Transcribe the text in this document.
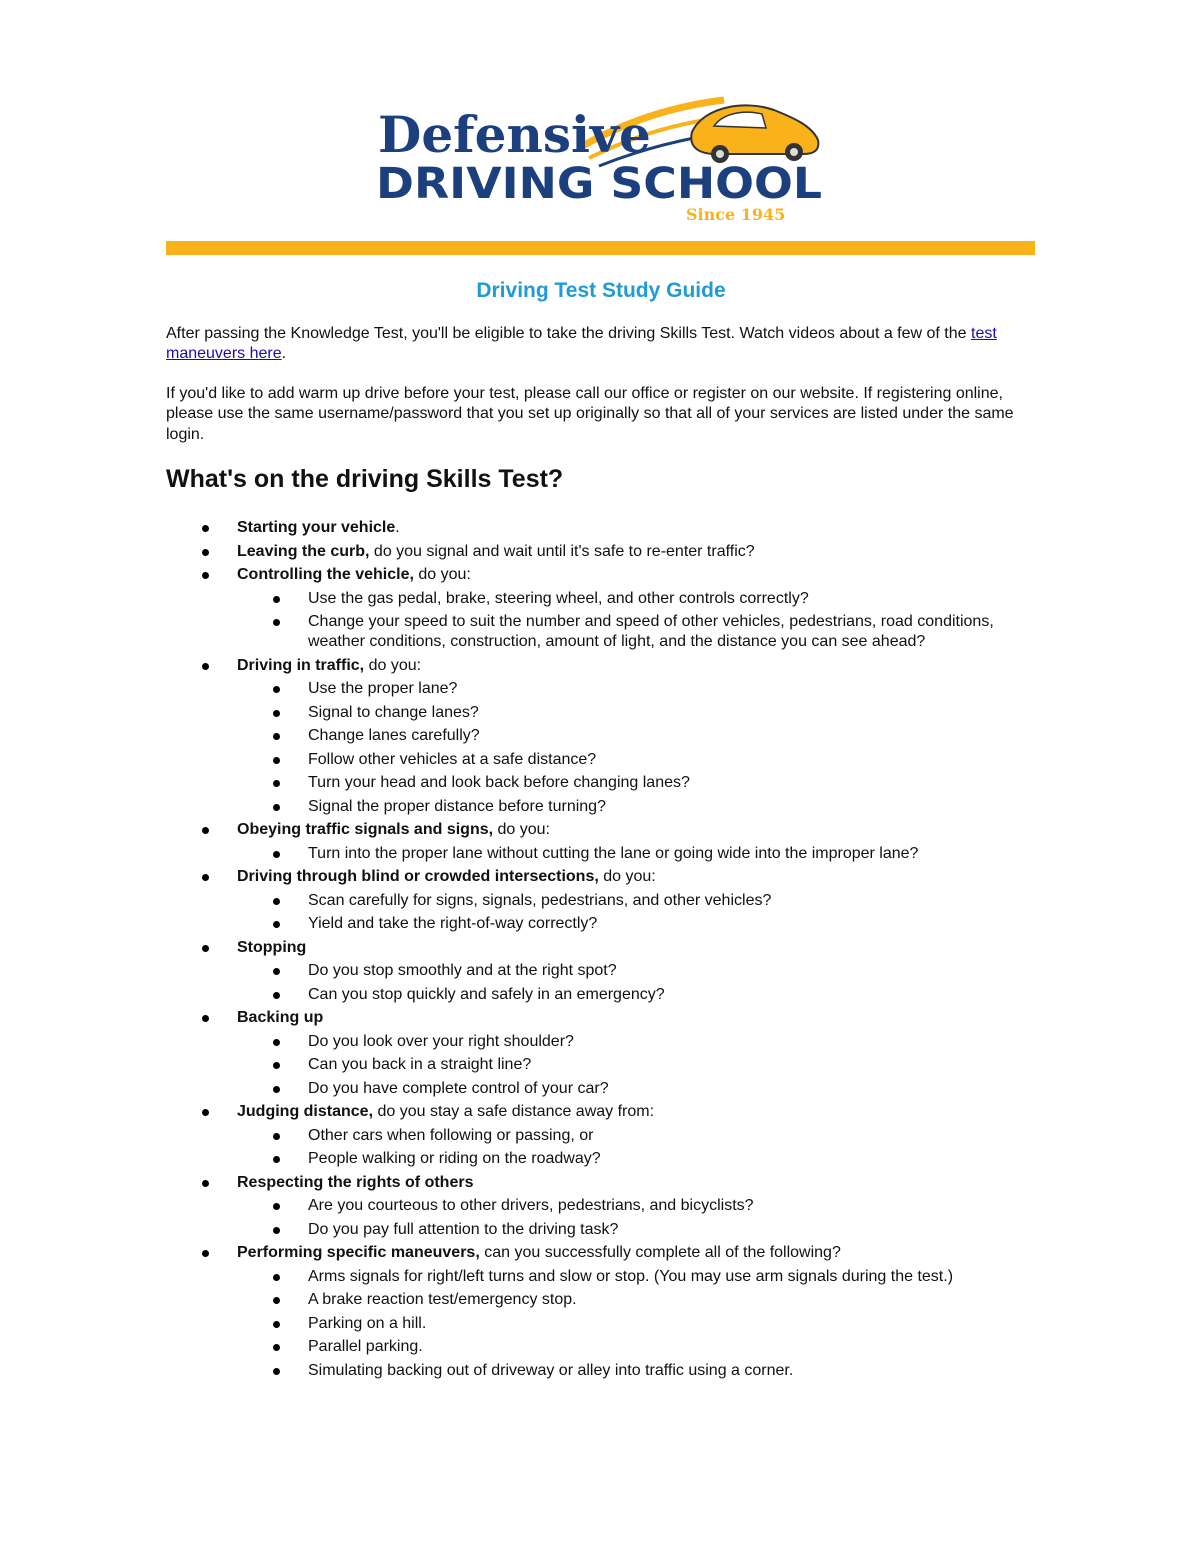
Defensive
DRIVING SCHOOL
Since 1945
Driving Test Study Guide

After passing the Knowledge Test, you'll be eligible to take the driving Skills Test. Watch videos about a few of the test maneuvers here.

If you'd like to add warm up drive before your test, please call our office or register on our website. If registering online, please use the same username/password that you set up originally so that all of your services are listed under the same login.

What's on the driving Skills Test?
Starting your vehicle.
Leaving the curb, do you signal and wait until it's safe to re-enter traffic?
Controlling the vehicle, do you:
Use the gas pedal, brake, steering wheel, and other controls correctly?
Change your speed to suit the number and speed of other vehicles, pedestrians, road conditions, weather conditions, construction, amount of light, and the distance you can see ahead?
Driving in traffic, do you:
Use the proper lane?
Signal to change lanes?
Change lanes carefully?
Follow other vehicles at a safe distance?
Turn your head and look back before changing lanes?
Signal the proper distance before turning?
Obeying traffic signals and signs, do you:
Turn into the proper lane without cutting the lane or going wide into the improper lane?
Driving through blind or crowded intersections, do you:
Scan carefully for signs, signals, pedestrians, and other vehicles?
Yield and take the right-of-way correctly?
Stopping
Do you stop smoothly and at the right spot?
Can you stop quickly and safely in an emergency?
Backing up
Do you look over your right shoulder?
Can you back in a straight line?
Do you have complete control of your car?
Judging distance, do you stay a safe distance away from:
Other cars when following or passing, or
People walking or riding on the roadway?
Respecting the rights of others
Are you courteous to other drivers, pedestrians, and bicyclists?
Do you pay full attention to the driving task?
Performing specific maneuvers, can you successfully complete all of the following?
Arms signals for right/left turns and slow or stop. (You may use arm signals during the test.)
A brake reaction test/emergency stop.
Parking on a hill.
Parallel parking.
Simulating backing out of driveway or alley into traffic using a corner.
